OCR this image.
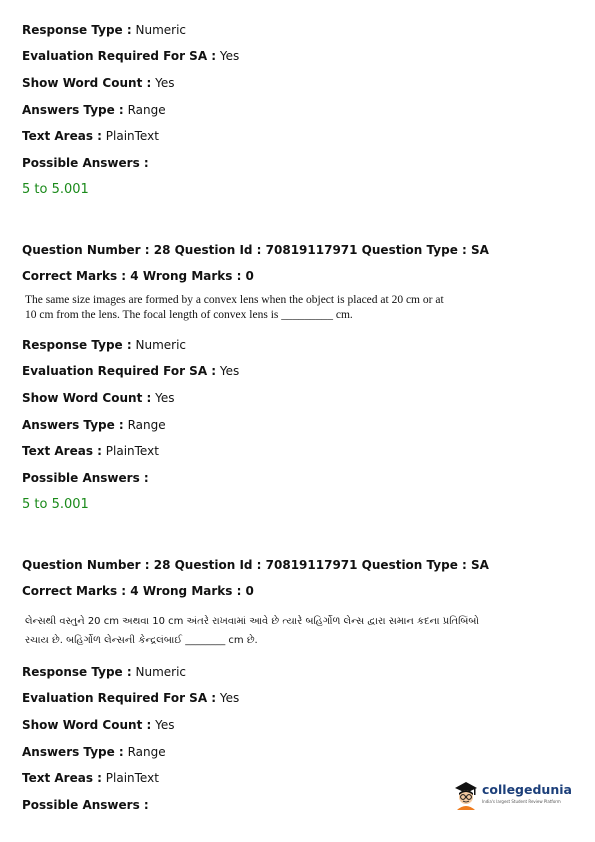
Response Type : Numeric
Evaluation Required For SA : Yes
Show Word Count : Yes
Answers Type : Range
Text Areas : PlainText
Possible Answers :
5 to 5.001
Question Number : 28 Question Id : 70819117971 Question Type : SA
Correct Marks : 4 Wrong Marks : 0
The same size images are formed by a convex lens when the object is placed at 20 cm or at
10 cm from the lens. The focal length of convex lens is _________ cm.
Response Type : Numeric
Evaluation Required For SA : Yes
Show Word Count : Yes
Answers Type : Range
Text Areas : PlainText
Possible Answers :
5 to 5.001
Question Number : 28 Question Id : 70819117971 Question Type : SA
Correct Marks : 4 Wrong Marks : 0
લેન્સથી વસ્તુને 20 cm અથવા 10 cm અંતરે રાખવામાં આવે છે ત્યારે બહિર્ગોળ લેન્સ દ્વારા સમાન કદના પ્રતિબિંબો
રચાય છે. બહિર્ગોળ લેન્સની કેન્દ્રલંબાઈ ________ cm છે.
Response Type : Numeric
Evaluation Required For SA : Yes
Show Word Count : Yes
Answers Type : Range
Text Areas : PlainText
Possible Answers :
collegedunia
India's largest Student Review Platform
